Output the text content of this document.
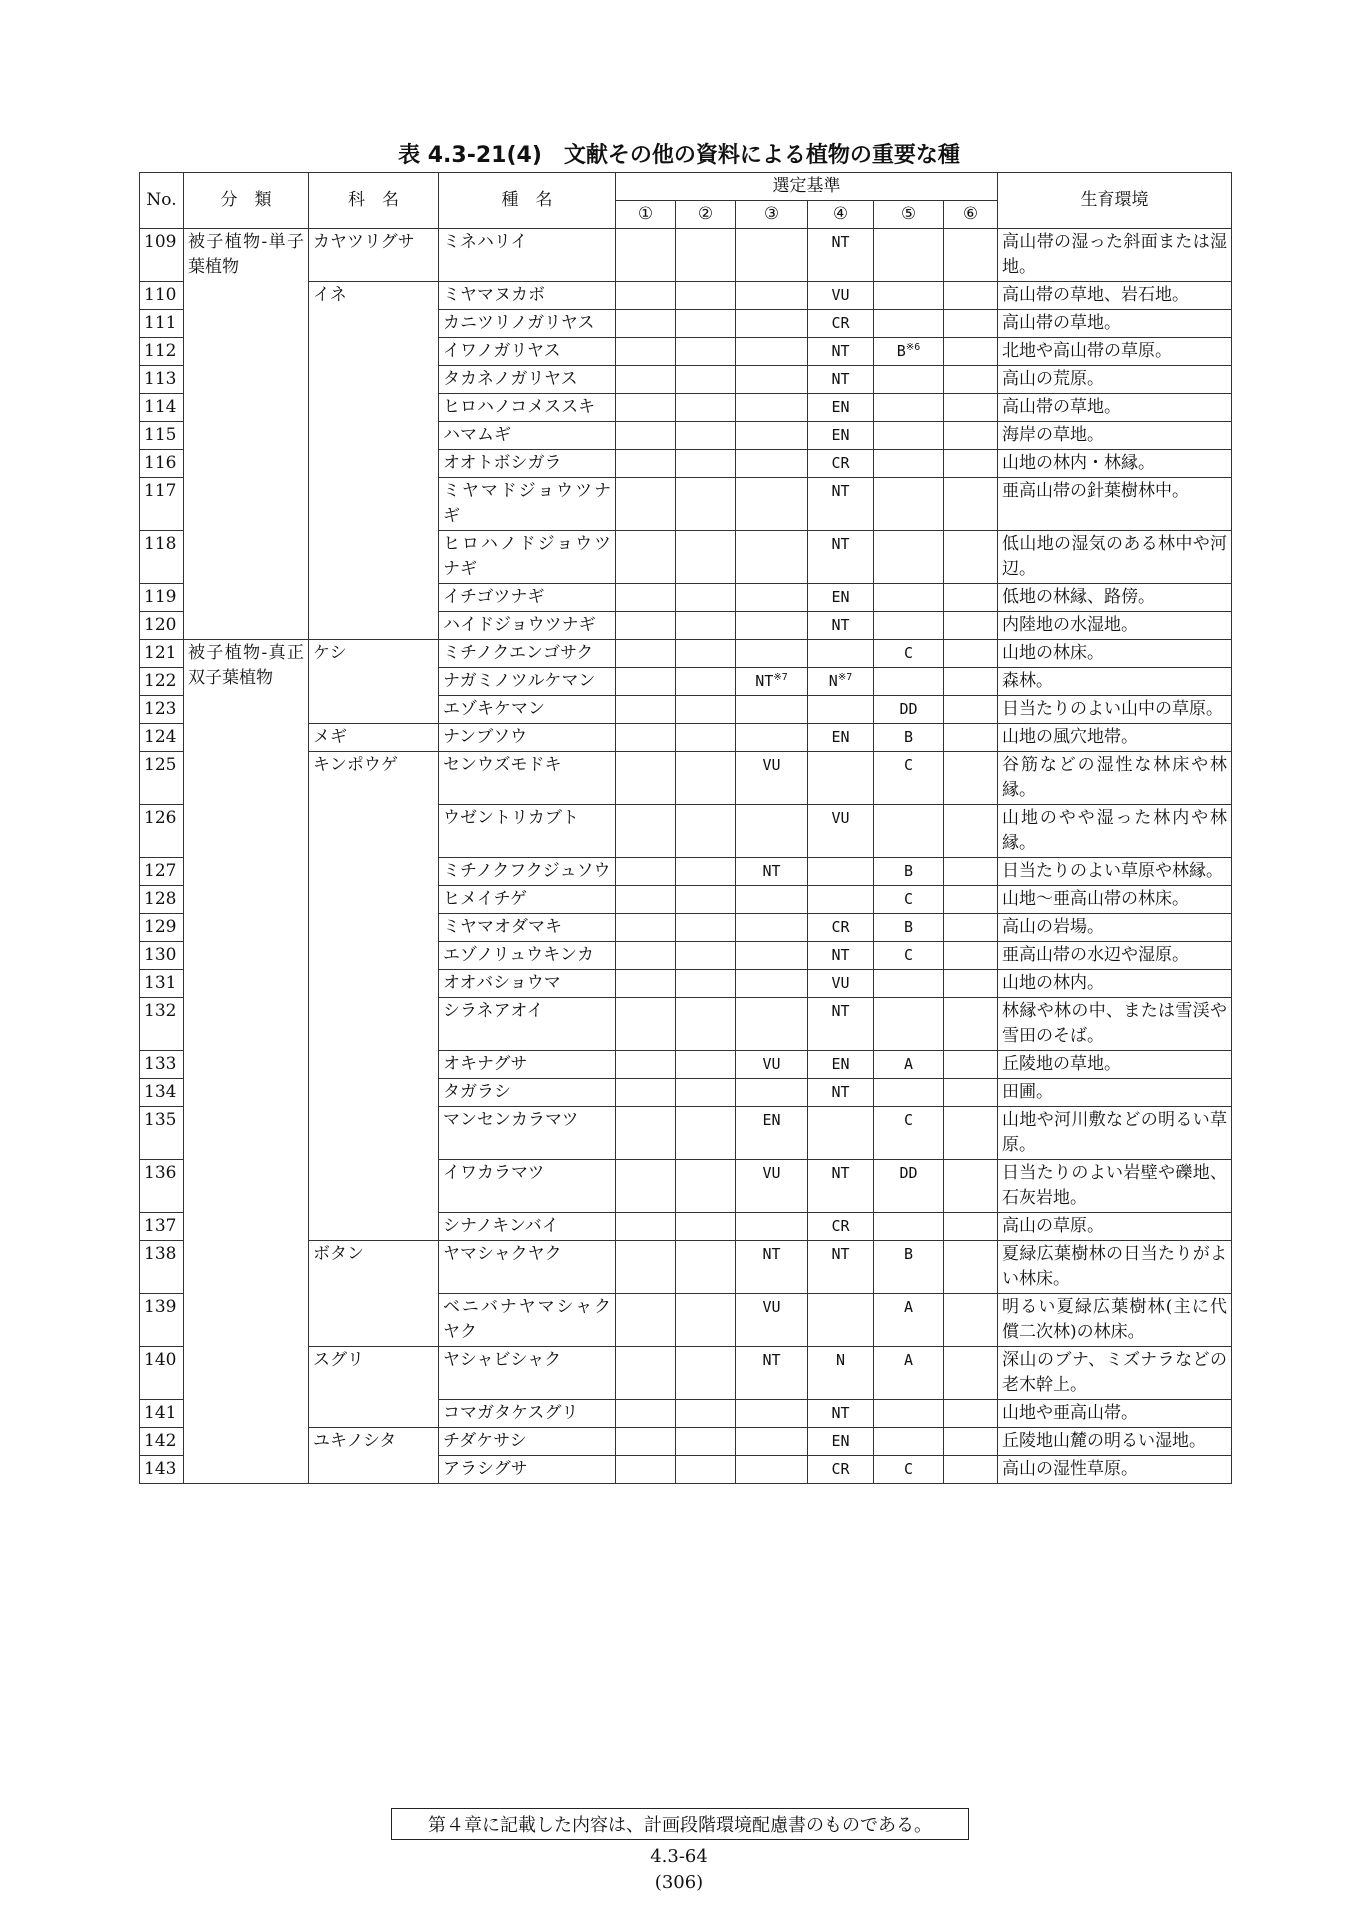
表 4.3-21(4)　文献その他の資料による植物の重要な種
No.	分　類	科　名	種　名	選定基準						生育環境
				①	②	③	④	⑤	⑥	
109	被子植物-単子葉植物	カヤツリグサ	ミネハリイ				NT			高山帯の湿った斜面または湿地。
110		イネ	ミヤマヌカボ				VU			高山帯の草地、岩石地。
111			カニツリノガリヤス				CR			高山帯の草地。
112			イワノガリヤス				NT	$B^{※6}$		北地や高山帯の草原。
113			タカネノガリヤス				NT			高山の荒原。
114			ヒロハノコメススキ				EN			高山帯の草地。
115			ハマムギ				EN			海岸の草地。
116			オオトボシガラ				CR			山地の林内・林縁。
117			ミヤマドジョウツナギ				NT			亜高山帯の針葉樹林中。
118			ヒロハノドジョウツナギ				NT			低山地の湿気のある林中や河辺。
119			イチゴツナギ				EN			低地の林縁、路傍。
120			ハイドジョウツナギ				NT			内陸地の水湿地。
121	被子植物-真正双子葉植物	ケシ	ミチノクエンゴサク					C		山地の林床。
122			ナガミノツルケマン			NT$^{※7}$	$N^{※7}$			森林。
123			エゾキケマン					DD		日当たりのよい山中の草原。
124		メギ	ナンブソウ				EN	B		山地の風穴地帯。
125		キンポウゲ	センウズモドキ			VU		C		谷筋などの湿性な林床や林縁。
126			ウゼントリカブト				VU			山地のやや湿った林内や林縁。
127			ミチノクフクジュソウ			NT		B		日当たりのよい草原や林縁。
128			ヒメイチゲ					C		山地～亜高山帯の林床。
129			ミヤマオダマキ				CR	B		高山の岩場。
130			エゾノリュウキンカ				NT	C		亜高山帯の水辺や湿原。
131			オオバショウマ				VU			山地の林内。
132			シラネアオイ				NT			林縁や林の中、または雪渓や雪田のそば。
133			オキナグサ			VU	EN	A		丘陵地の草地。
134			タガラシ				NT			田圃。
135			マンセンカラマツ			EN		C		山地や河川敷などの明るい草原。
136			イワカラマツ			VU	NT	DD		日当たりのよい岩壁や礫地、石灰岩地。
137			シナノキンバイ				CR			高山の草原。
138		ボタン	ヤマシャクヤク			NT	NT	B		夏緑広葉樹林の日当たりがよい林床。
139			ベニバナヤマシャクヤク			VU		A		明るい夏緑広葉樹林(主に代償二次林)の林床。
140		スグリ	ヤシャビシャク			NT	N	A		深山のブナ、ミズナラなどの老木幹上。
141			コマガタケスグリ				NT			山地や亜高山帯。
142		ユキノシタ	チダケサシ				EN			丘陵地山麓の明るい湿地。
143			アラシグサ				CR	C		高山の湿性草原。
第４章に記載した内容は、計画段階環境配慮書のものである。
4.3-64
(306)
